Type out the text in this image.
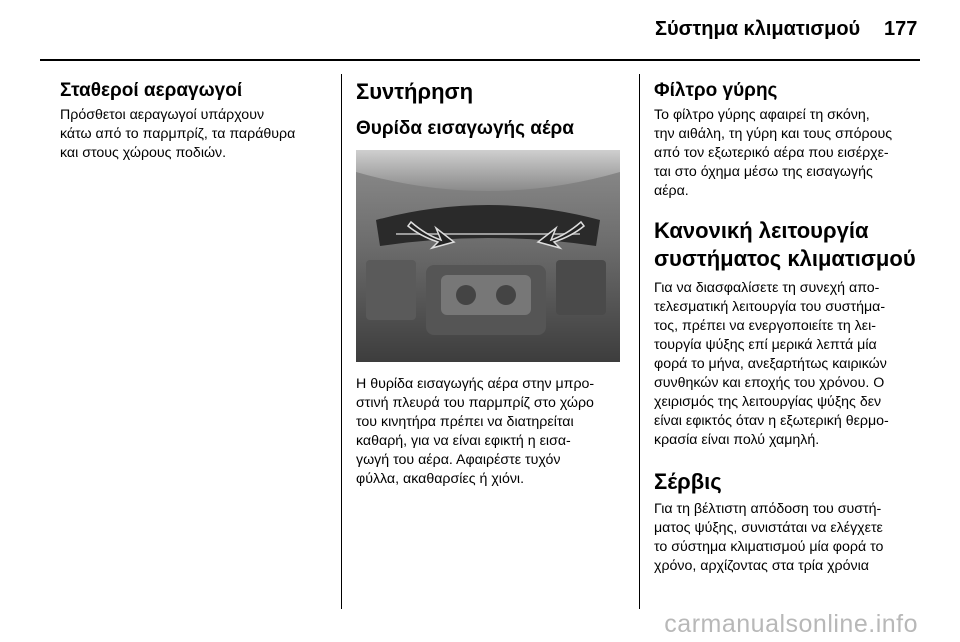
Σύστημα κλιματισμού 177
Σταθεροί αεραγωγοί

Πρόσθετοι αεραγωγοί υπάρχουν
κάτω από το παρμπρίζ, τα παράθυρα
και στους χώρους ποδιών.

Συντήρηση
Θυρίδα εισαγωγής αέρα

Η θυρίδα εισαγωγής αέρα στην μπρο-
στινή πλευρά του παρμπρίζ στο χώρο
του κινητήρα πρέπει να διατηρείται
καθαρή, για να είναι εφικτή η εισα-
γωγή του αέρα. Αφαιρέστε τυχόν
φύλλα, ακαθαρσίες ή χιόνι.

Φίλτρο γύρης

Το φίλτρο γύρης αφαιρεί τη σκόνη,
την αιθάλη, τη γύρη και τους σπόρους
από τον εξωτερικό αέρα που εισέρχε-
ται στο όχημα μέσω της εισαγωγής
αέρα.

Κανονική λειτουργία
συστήματος κλιματισμού

Για να διασφαλίσετε τη συνεχή απο-
τελεσματική λειτουργία του συστήμα-
τος, πρέπει να ενεργοποιείτε τη λει-
τουργία ψύξης επί μερικά λεπτά μία
φορά το μήνα, ανεξαρτήτως καιρικών
συνθηκών και εποχής του χρόνου. Ο
χειρισμός της λειτουργίας ψύξης δεν
είναι εφικτός όταν η εξωτερική θερμο-
κρασία είναι πολύ χαμηλή.

Σέρβις

Για τη βέλτιστη απόδοση του συστή-
ματος ψύξης, συνιστάται να ελέγχετε
το σύστημα κλιματισμού μία φορά το
χρόνο, αρχίζοντας στα τρία χρόνια

carmanualsonline.info
